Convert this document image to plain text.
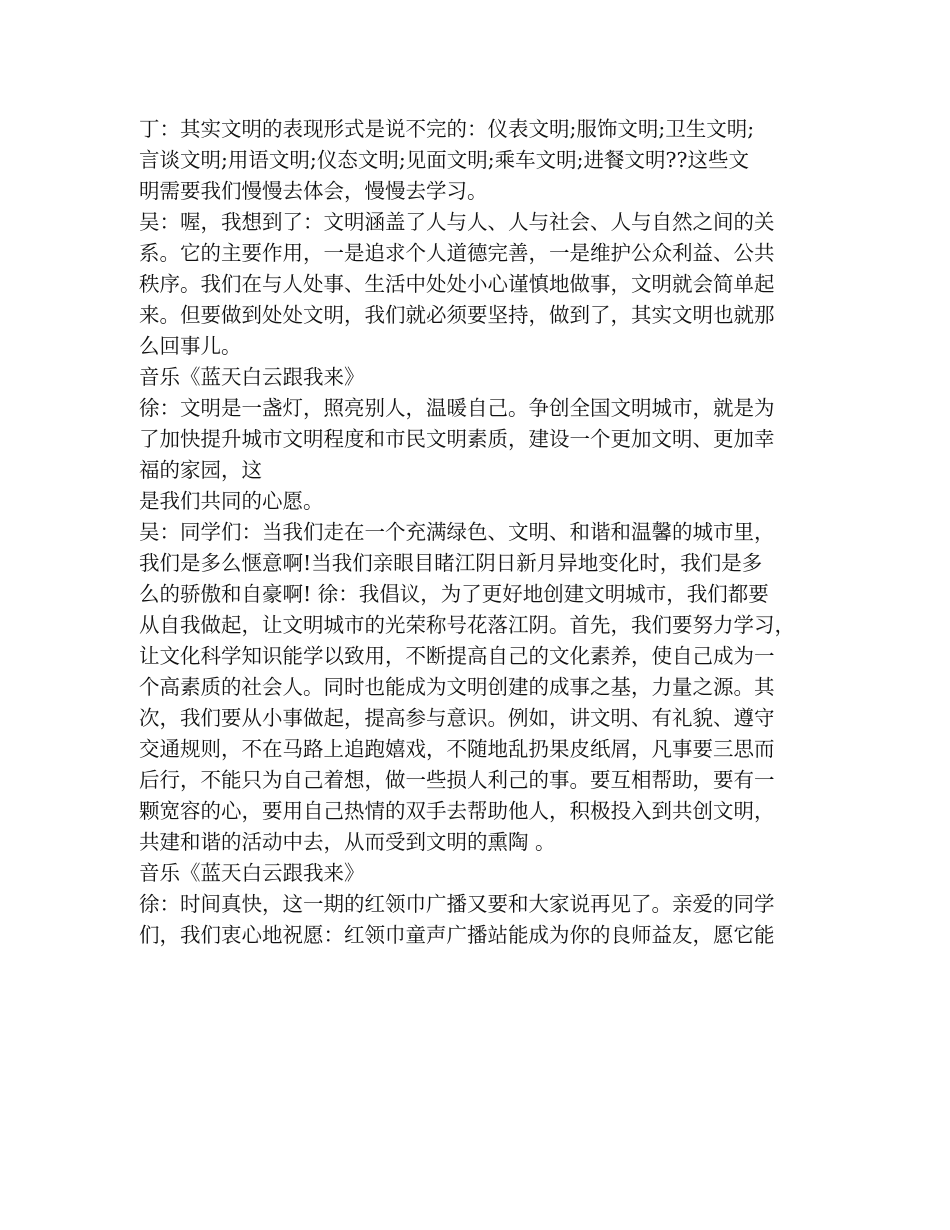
丁：其实文明的表现形式是说不完的：仪表文明;服饰文明;卫生文明;
言谈文明;用语文明;仪态文明;见面文明;乘车文明;进餐文明??这些文
明需要我们慢慢去体会，慢慢去学习。
吴：喔，我想到了：文明涵盖了人与人、人与社会、人与自然之间的关
系。它的主要作用，一是追求个人道德完善，一是维护公众利益、公共
秩序。我们在与人处事、生活中处处小心谨慎地做事，文明就会简单起
来。但要做到处处文明，我们就必须要坚持，做到了，其实文明也就那
么回事儿。
音乐《蓝天白云跟我来》
徐：文明是一盏灯，照亮别人，温暖自己。争创全国文明城市，就是为
了加快提升城市文明程度和市民文明素质，建设一个更加文明、更加幸
福的家园，这
是我们共同的心愿。
吴：同学们：当我们走在一个充满绿色、文明、和谐和温馨的城市里，
我们是多么惬意啊!当我们亲眼目睹江阴日新月异地变化时，我们是多
么的骄傲和自豪啊! 徐：我倡议，为了更好地创建文明城市，我们都要
从自我做起，让文明城市的光荣称号花落江阴。首先，我们要努力学习，
让文化科学知识能学以致用，不断提高自己的文化素养，使自己成为一
个高素质的社会人。同时也能成为文明创建的成事之基，力量之源。其
次，我们要从小事做起，提高参与意识。例如，讲文明、有礼貌、遵守
交通规则，不在马路上追跑嬉戏，不随地乱扔果皮纸屑，凡事要三思而
后行，不能只为自己着想，做一些损人利己的事。要互相帮助，要有一
颗宽容的心，要用自己热情的双手去帮助他人，积极投入到共创文明，
共建和谐的活动中去，从而受到文明的熏陶 。
音乐《蓝天白云跟我来》
徐：时间真快，这一期的红领巾广播又要和大家说再见了。亲爱的同学
们，我们衷心地祝愿：红领巾童声广播站能成为你的良师益友，愿它能
